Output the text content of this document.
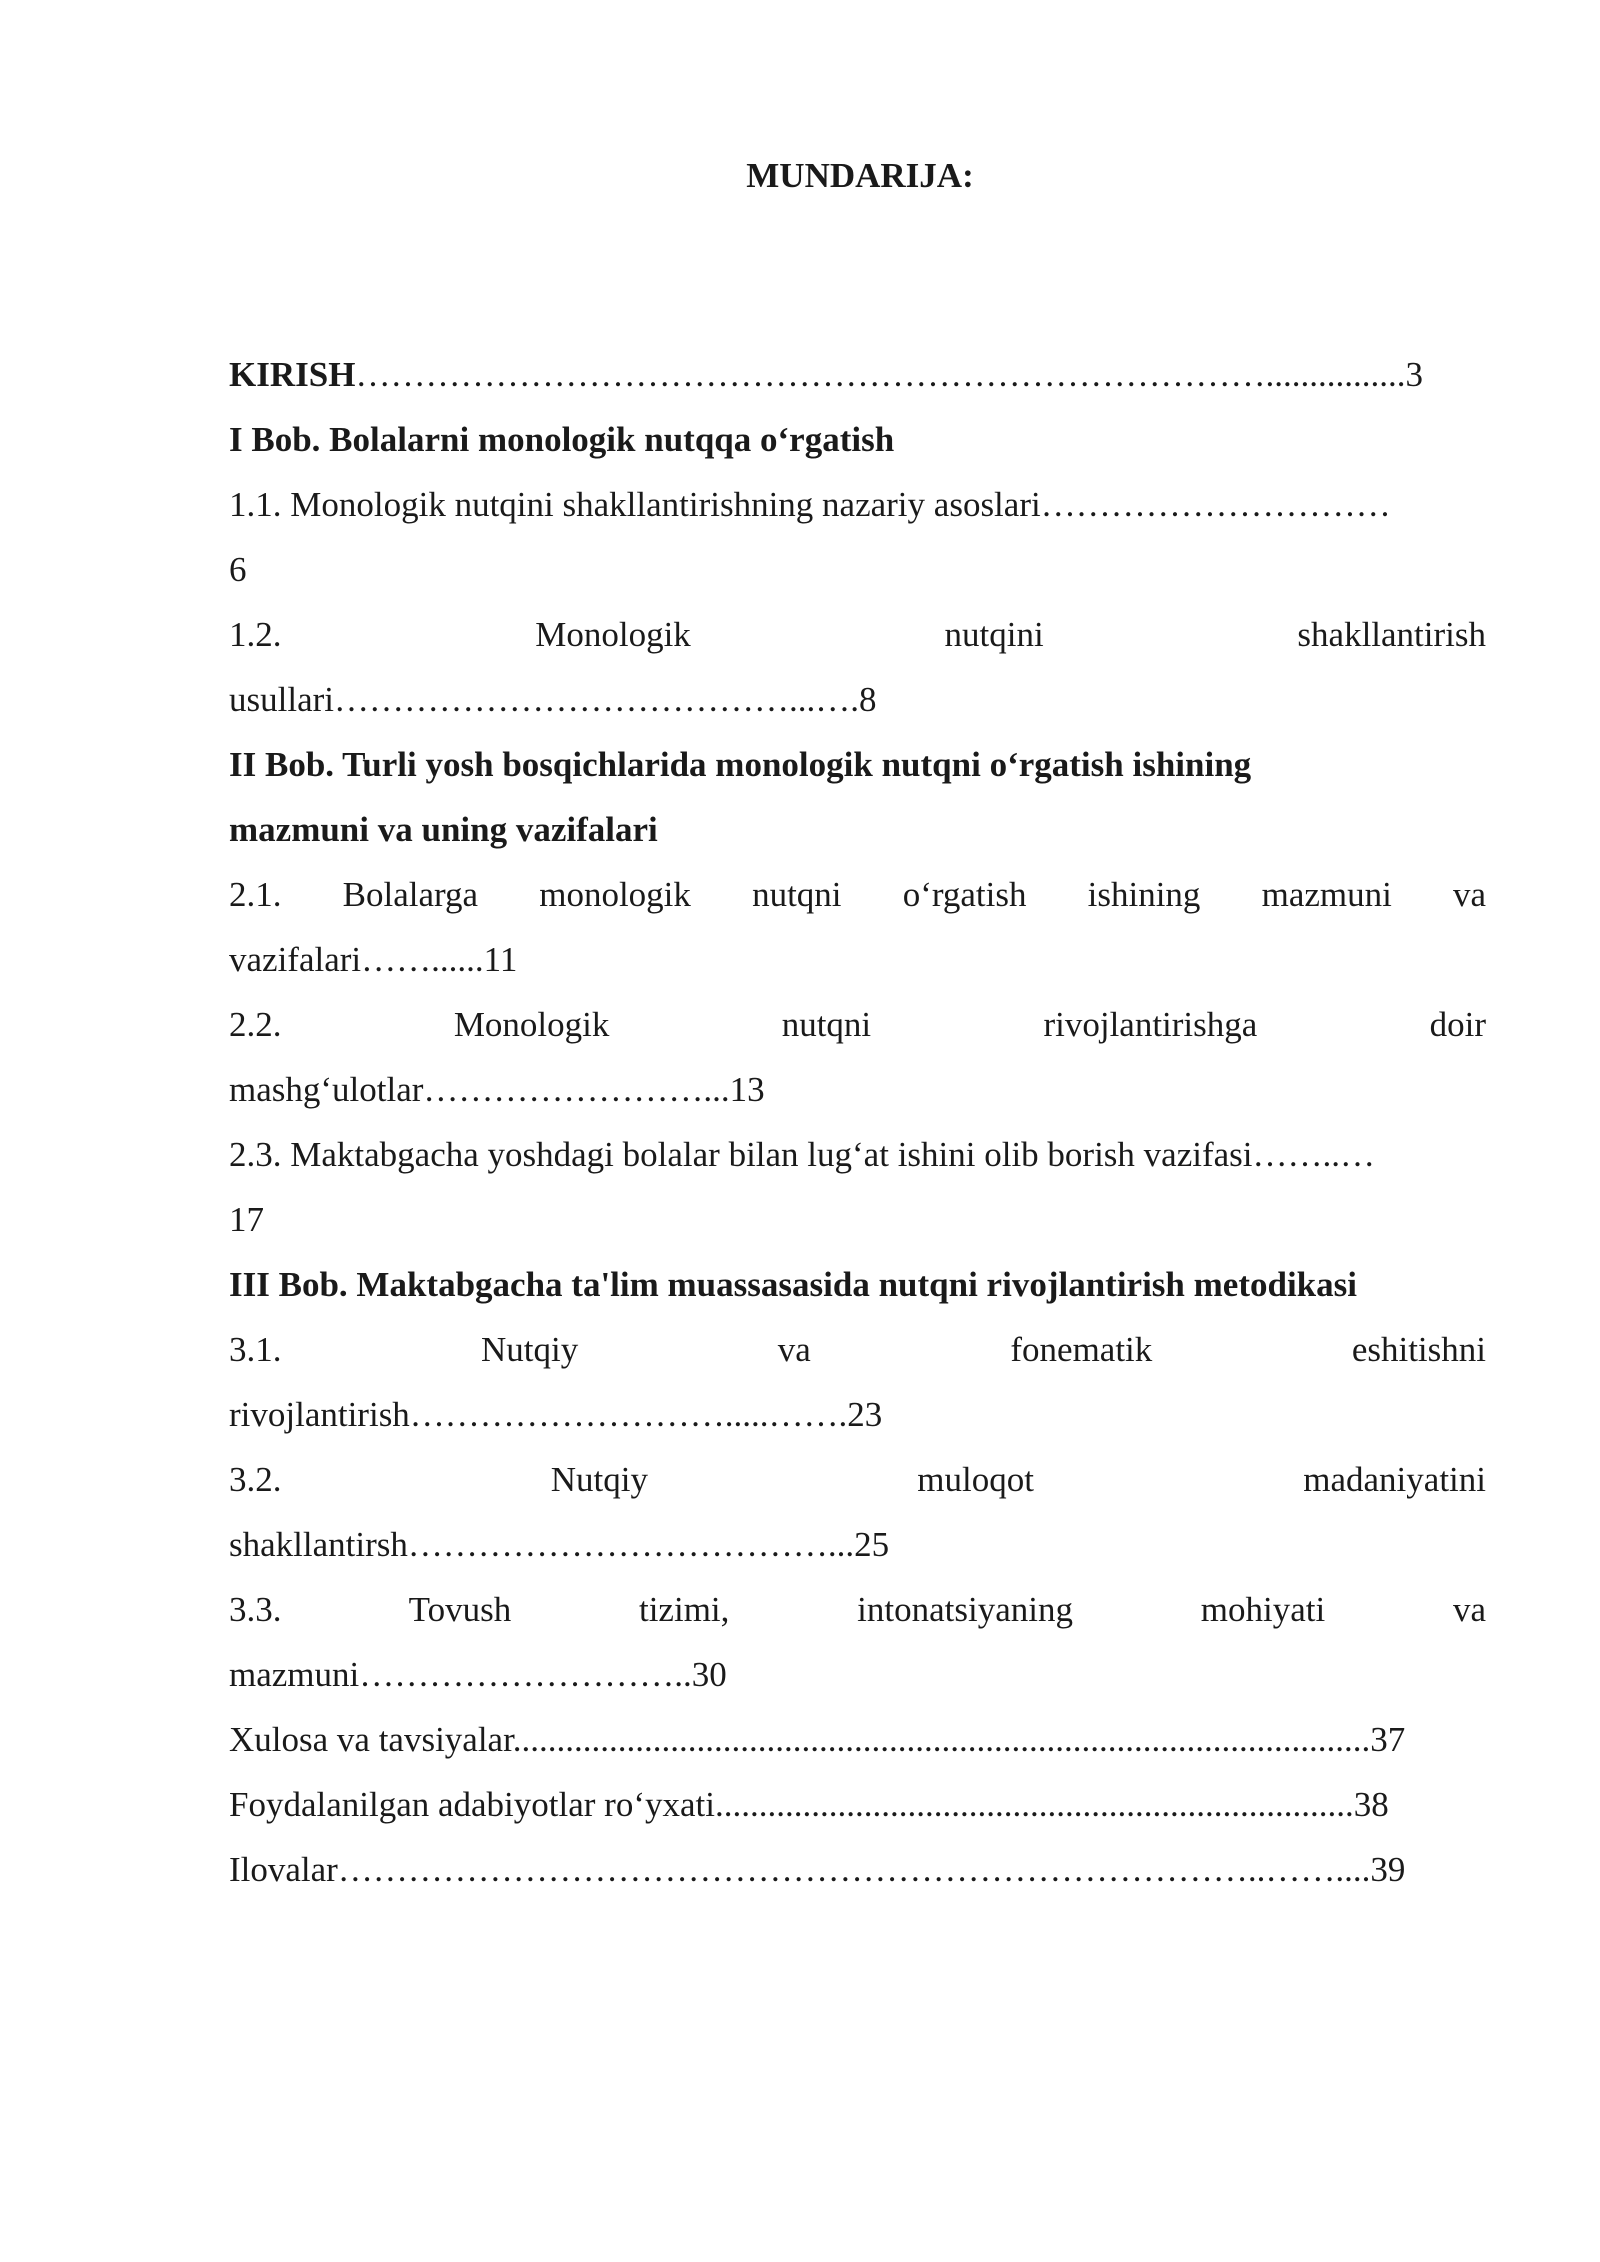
MUNDARIJA:
KIRISH……………………………………………………………………................3
I Bob. Bolalarni monologik nutqqa o‘rgatish
1.1. Monologik nutqini shakllantirishning nazariy asoslari…………………………
6
1.2.	Monologik	nutqini	shakllantirish
usullari…………………………………...….8
II Bob. Turli yosh bosqichlarida monologik nutqni o‘rgatish ishining
mazmuni va uning vazifalari
2.1. Bolalarga monologik nutqni o‘rgatish ishining mazmuni va
vazifalari……......11
2.2.	Monologik	nutqni	rivojlantirishga	doir
mashg‘ulotlar……………………...13
2.3. Maktabgacha yoshdagi bolalar bilan lug‘at ishini olib borish vazifasi……..…
17
III Bob. Maktabgacha ta'lim muassasasida nutqni rivojlantirish metodikasi
3.1.	Nutqiy	va	fonematik	eshitishni
rivojlantirish……………………….....…….23
3.2.	Nutqiy	muloqot	madaniyatini
shakllantirsh………………………………...25
3.3.	Tovush	tizimi,	intonatsiyaning	mohiyati	va
mazmuni………………………..30
Xulosa va tavsiyalar..................................................................................................37
Foydalanilgan adabiyotlar ro‘yxati.........................................................................38
Ilovalar……………………………………………………………………..……....39
